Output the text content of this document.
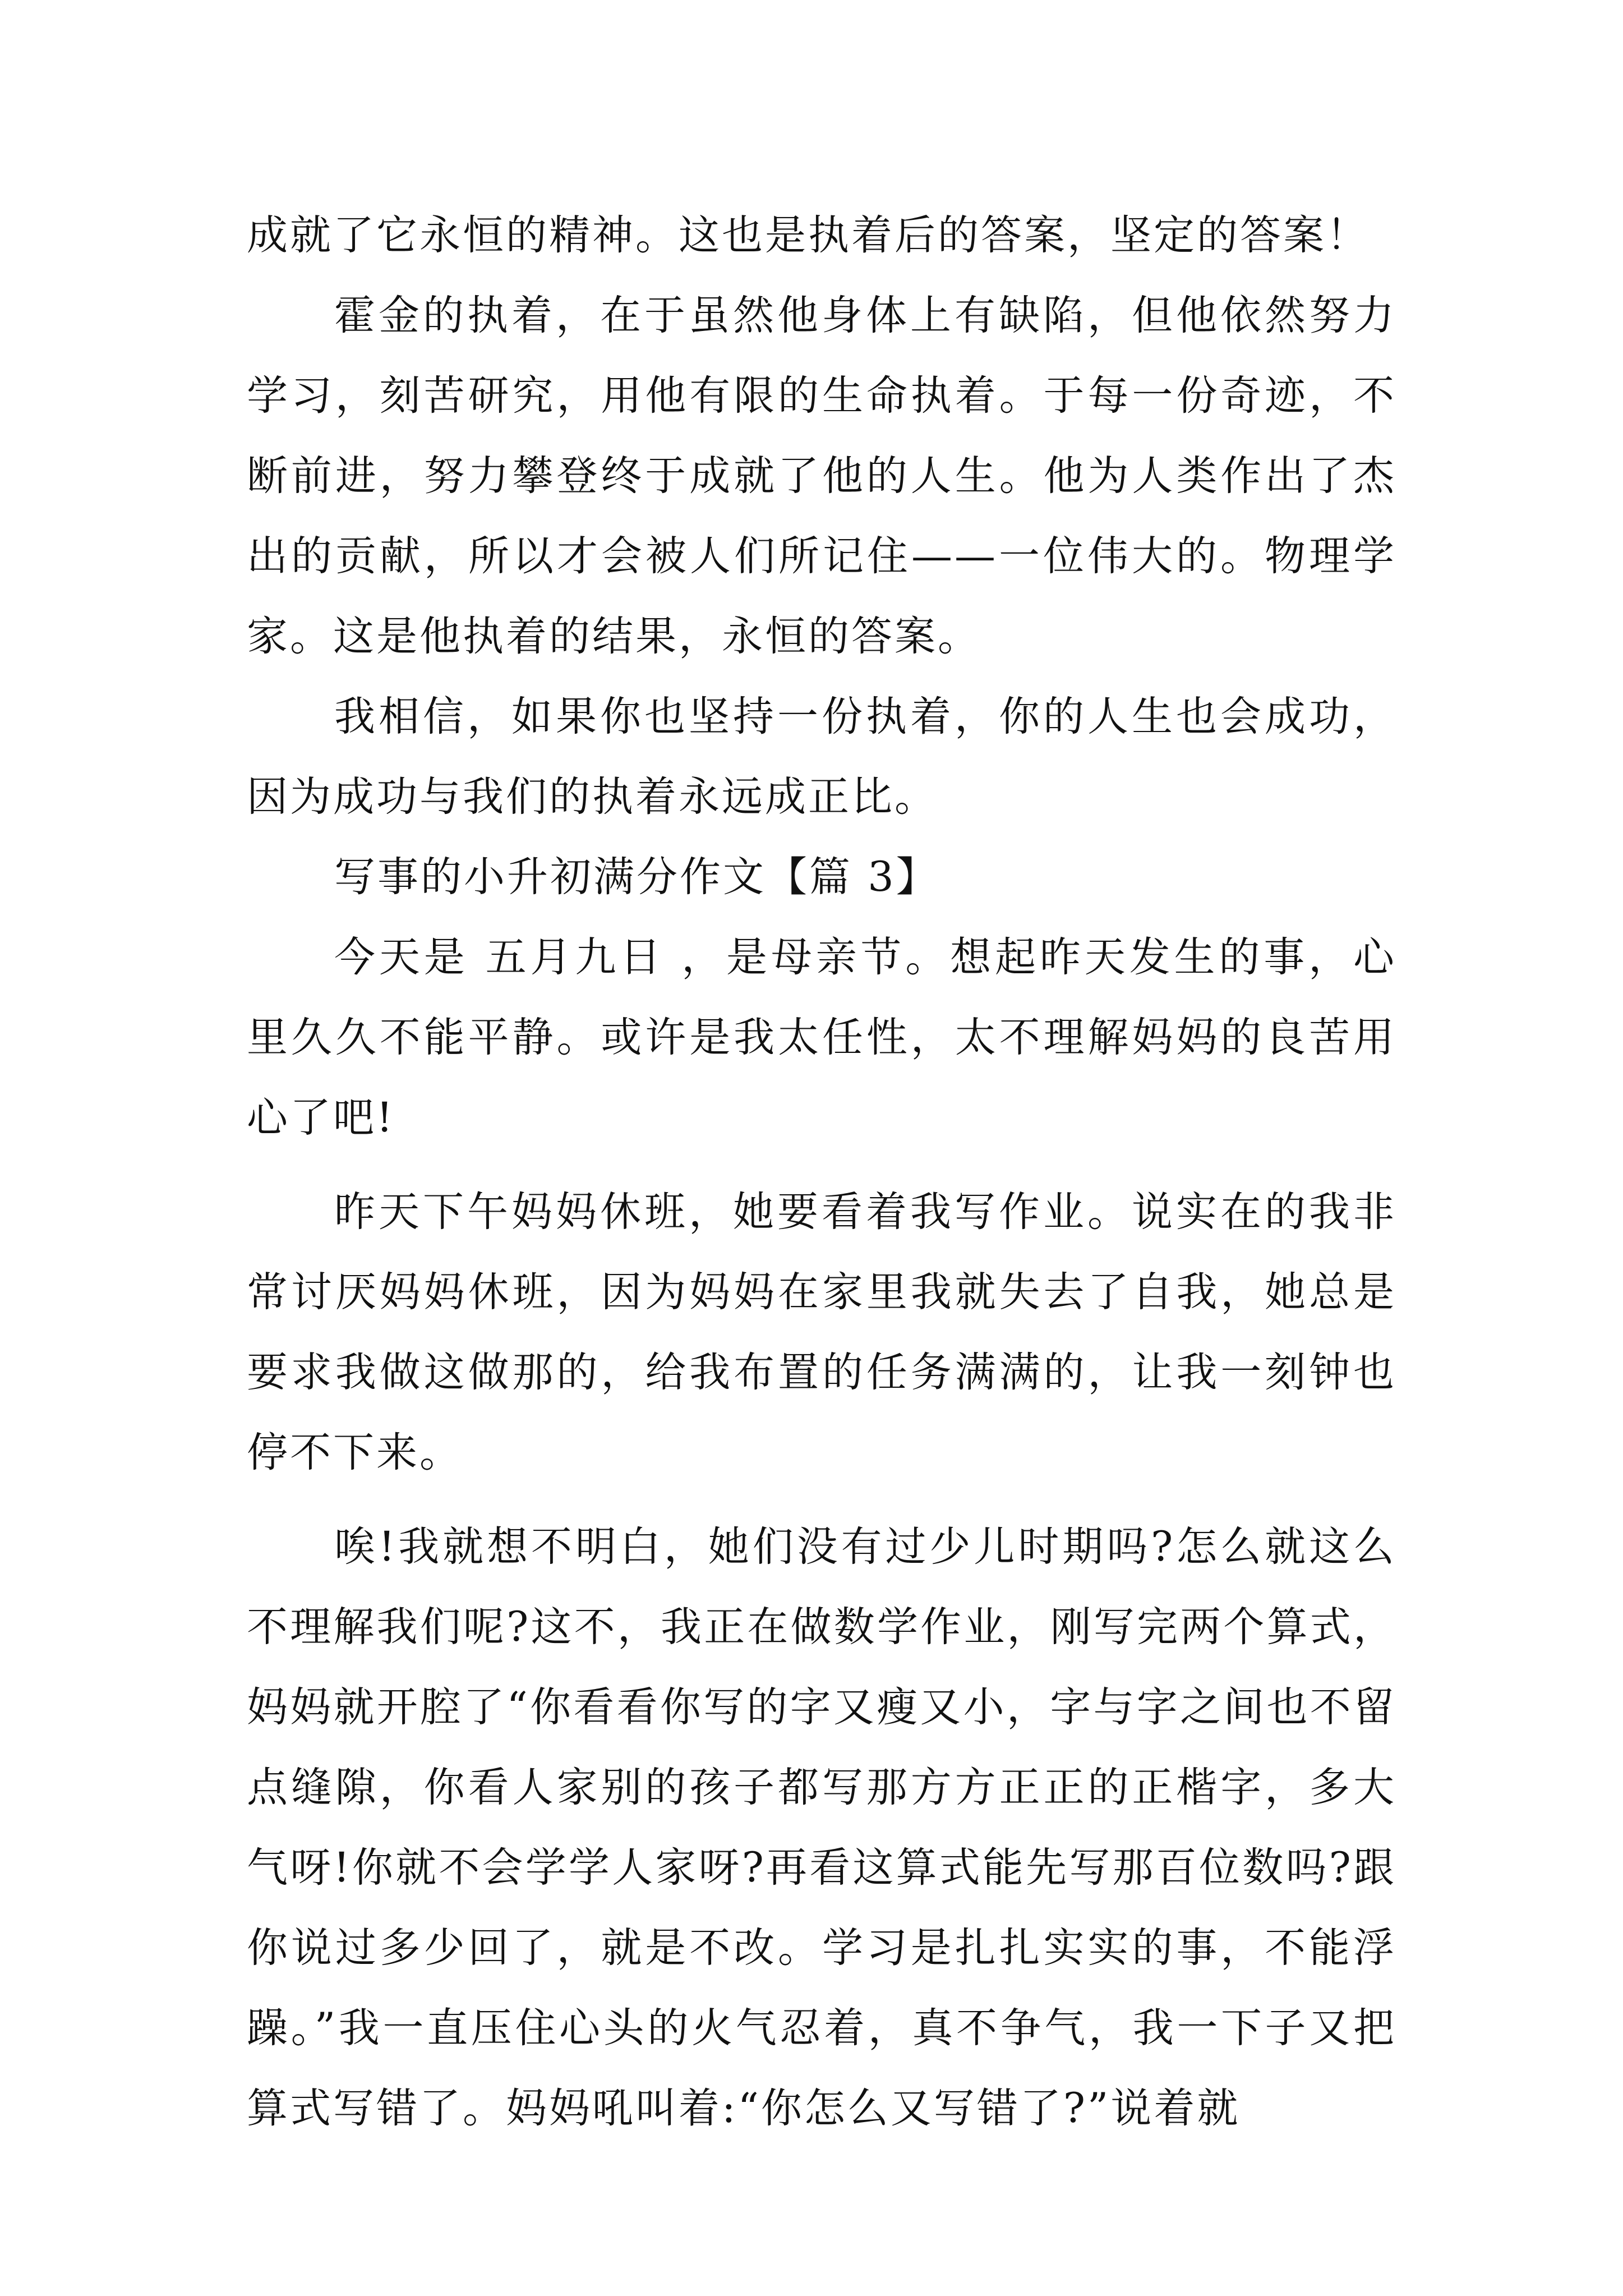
成就了它永恒的精神。这也是执着后的答案，坚定的答案！

霍金的执着，在于虽然他身体上有缺陷，但他依然努力学习，刻苦研究，用他有限的生命执着。于每一份奇迹，不断前进，努力攀登终于成就了他的人生。他为人类作出了杰出的贡献，所以才会被人们所记住——一位伟大的。物理学家。这是他执着的结果，永恒的答案。

我相信，如果你也坚持一份执着，你的人生也会成功，因为成功与我们的执着永远成正比。

写事的小升初满分作文【篇 3】

今天是 五月九日 ，是母亲节。想起昨天发生的事，心里久久不能平静。或许是我太任性，太不理解妈妈的良苦用心了吧!

昨天下午妈妈休班，她要看着我写作业。说实在的我非常讨厌妈妈休班，因为妈妈在家里我就失去了自我，她总是要求我做这做那的，给我布置的任务满满的，让我一刻钟也停不下来。

唉!我就想不明白，她们没有过少儿时期吗?怎么就这么不理解我们呢?这不，我正在做数学作业，刚写完两个算式，妈妈就开腔了“你看看你写的字又瘦又小，字与字之间也不留点缝隙，你看人家别的孩子都写那方方正正的正楷字，多大气呀!你就不会学学人家呀?再看这算式能先写那百位数吗?跟你说过多少回了，就是不改。学习是扎扎实实的事，不能浮躁。”我一直压住心头的火气忍着，真不争气，我一下子又把算式写错了。妈妈吼叫着:“你怎么又写错了?”说着就
